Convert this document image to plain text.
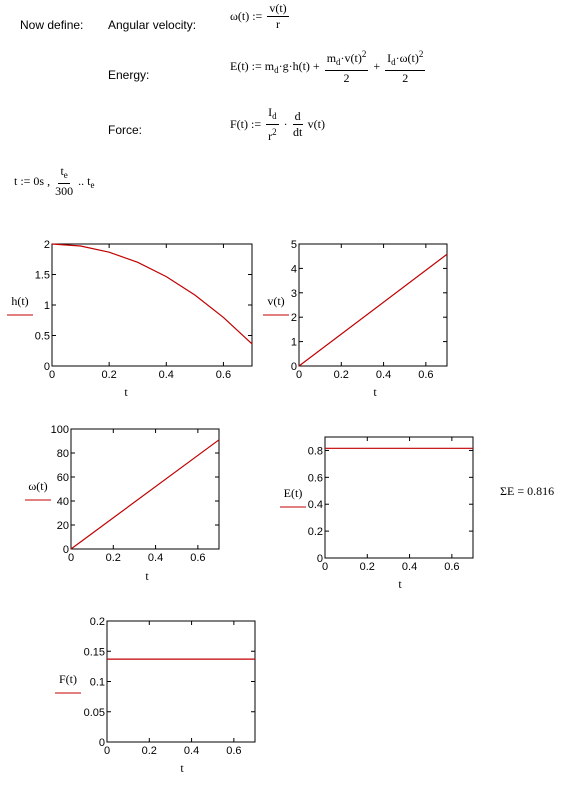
Now define: Angular velocity:
Energy:
Force:
ω(t) := $\frac{v(t)}{r}$
E(t) := $m_d\cdot g\cdot h(t) + \frac{m_d\cdot v(t)^2}{2} + \frac{I_d\cdot\omega(t)^2}{2}$
F(t) := $\frac{I_d}{r^2} \cdot \frac{d}{dt} v(t)$
t := 0s , $\frac{t_e}{300}$ .. $t_e$
0	0.2	0.4	0.6
0
0.5
1
1.5
2
h(t)
t
0	0.2 0.4 0.6
0
1
2
3
4
5
v(t)
t
0	0.2 0.4 0.6
0
20
40
60
80
100
ω(t)
t
0	0.2 0.4 0.6
0
0.2
0.4
0.6
0.8
E(t)
t
0	0.2 0.4 0.6
0
0.05
0.1
0.15
0.2
F(t)
t
ΣE = 0.816
